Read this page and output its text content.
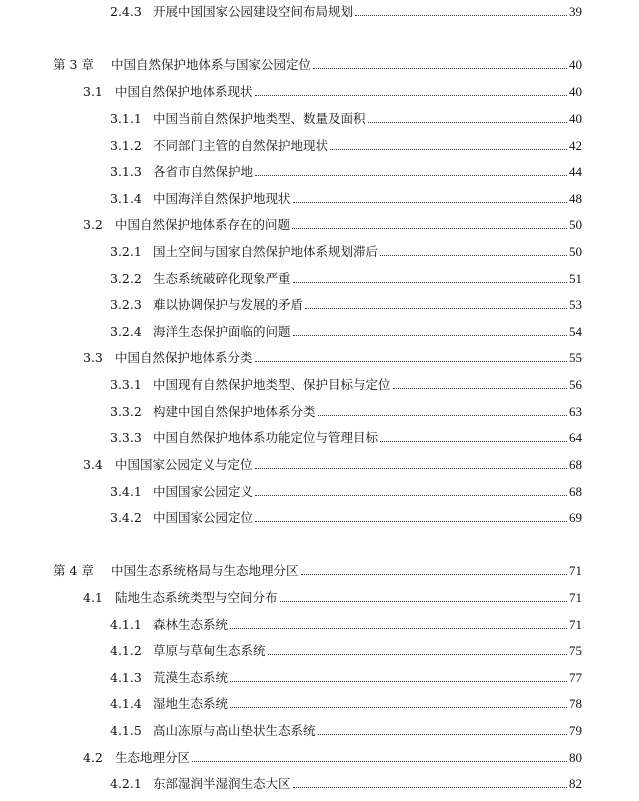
2.4.3 开展中国国家公园建设空间布局规划	39
第 3 章	中国自然保护地体系与国家公园定位	40
3.1 中国自然保护地体系现状	40
3.1.1 中国当前自然保护地类型、数量及面积	40
3.1.2 不同部门主管的自然保护地现状	42
3.1.3 各省市自然保护地	44
3.1.4 中国海洋自然保护地现状	48
3.2 中国自然保护地体系存在的问题	50
3.2.1 国土空间与国家自然保护地体系规划滞后	50
3.2.2 生态系统破碎化现象严重	51
3.2.3 难以协调保护与发展的矛盾	53
3.2.4 海洋生态保护面临的问题	54
3.3 中国自然保护地体系分类	55
3.3.1 中国现有自然保护地类型、保护目标与定位	56
3.3.2 构建中国自然保护地体系分类	63
3.3.3 中国自然保护地体系功能定位与管理目标	64
3.4 中国国家公园定义与定位	68
3.4.1 中国国家公园定义	68
3.4.2 中国国家公园定位	69
第 4 章	中国生态系统格局与生态地理分区	71
4.1 陆地生态系统类型与空间分布	71
4.1.1 森林生态系统	71
4.1.2 草原与草甸生态系统	75
4.1.3 荒漠生态系统	77
4.1.4 湿地生态系统	78
4.1.5 高山冻原与高山垫状生态系统	79
4.2 生态地理分区	80
4.2.1 东部湿润半湿润生态大区	82
